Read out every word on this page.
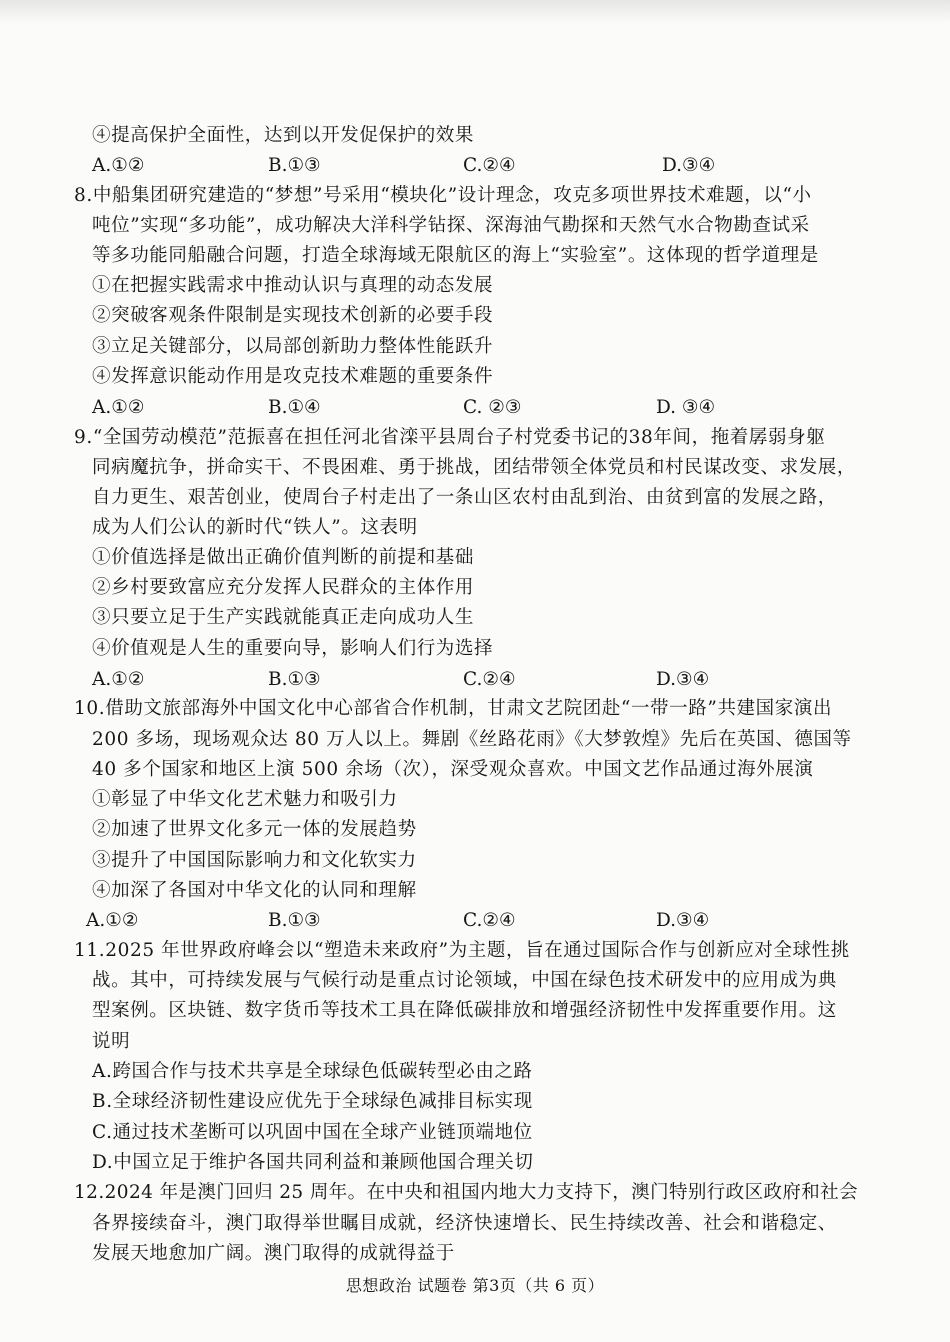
④提高保护全面性，达到以开发促保护的效果
A.①②	B.①③	C.②④	D.③④
8.中船集团研究建造的“梦想”号采用“模块化”设计理念，攻克多项世界技术难题，以“小
吨位”实现“多功能”，成功解决大洋科学钻探、深海油气勘探和天然气水合物勘查试采
等多功能同船融合问题，打造全球海域无限航区的海上“实验室”。这体现的哲学道理是
①在把握实践需求中推动认识与真理的动态发展
②突破客观条件限制是实现技术创新的必要手段
③立足关键部分，以局部创新助力整体性能跃升
④发挥意识能动作用是攻克技术难题的重要条件
A.①②	B.①④	C. ②③	D. ③④
9.“全国劳动模范”范振喜在担任河北省滦平县周台子村党委书记的38年间，拖着孱弱身躯
同病魔抗争，拼命实干、不畏困难、勇于挑战，团结带领全体党员和村民谋改变、求发展，
自力更生、艰苦创业，使周台子村走出了一条山区农村由乱到治、由贫到富的发展之路，
成为人们公认的新时代“铁人”。这表明
①价值选择是做出正确价值判断的前提和基础
②乡村要致富应充分发挥人民群众的主体作用
③只要立足于生产实践就能真正走向成功人生
④价值观是人生的重要向导，影响人们行为选择
A.①②	B.①③	C.②④	D.③④
10.借助文旅部海外中国文化中心部省合作机制，甘肃文艺院团赴“一带一路”共建国家演出
200 多场，现场观众达 80 万人以上。舞剧《丝路花雨》《大梦敦煌》先后在英国、德国等
40 多个国家和地区上演 500 余场（次），深受观众喜欢。中国文艺作品通过海外展演
①彰显了中华文化艺术魅力和吸引力
②加速了世界文化多元一体的发展趋势
③提升了中国国际影响力和文化软实力
④加深了各国对中华文化的认同和理解
A.①②	B.①③	C.②④	D.③④
11.2025 年世界政府峰会以“塑造未来政府”为主题，旨在通过国际合作与创新应对全球性挑
战。其中，可持续发展与气候行动是重点讨论领域，中国在绿色技术研发中的应用成为典
型案例。区块链、数字货币等技术工具在降低碳排放和增强经济韧性中发挥重要作用。这
说明
A.跨国合作与技术共享是全球绿色低碳转型必由之路
B.全球经济韧性建设应优先于全球绿色减排目标实现
C.通过技术垄断可以巩固中国在全球产业链顶端地位
D.中国立足于维护各国共同利益和兼顾他国合理关切
12.2024 年是澳门回归 25 周年。在中央和祖国内地大力支持下，澳门特别行政区政府和社会
各界接续奋斗，澳门取得举世瞩目成就，经济快速增长、民生持续改善、社会和谐稳定、
发展天地愈加广阔。澳门取得的成就得益于
思想政治 试题卷 第3页（共 6 页）
